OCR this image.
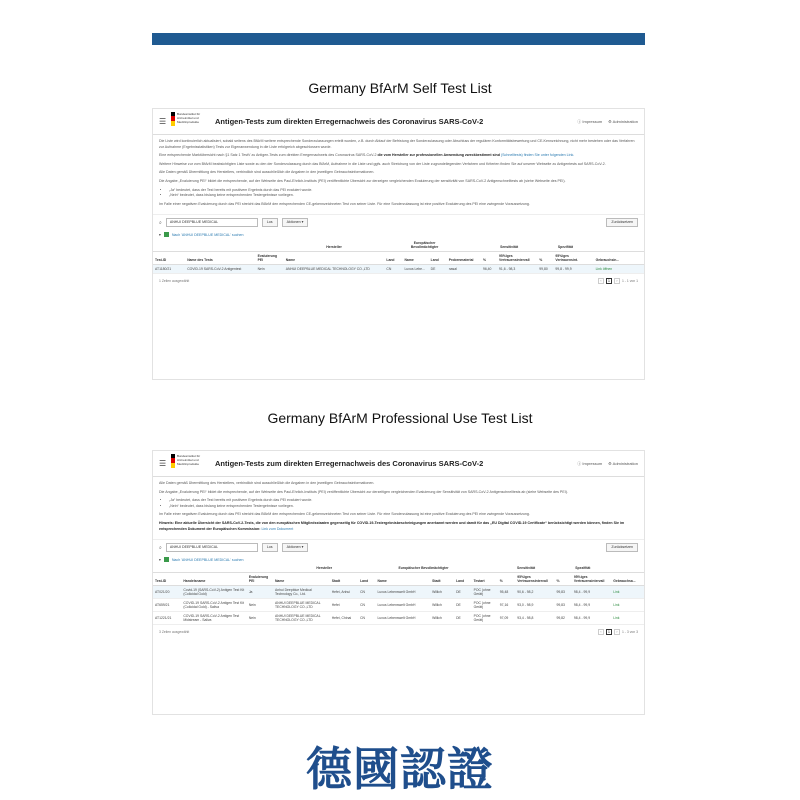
Germany BfArM Self Test List
☰
Bundesinstitut für Arzneimittel und Medizinprodukte	Antigen-Tests zum direkten Erregernachweis des Coronavirus SARS-CoV-2	ⓘ Impressum ⚙ Administration

Die Liste wird kontinuierlich aktualisiert, sobald seitens des BfArM weitere entsprechende Sonderzulassungen erteilt wurden, z.B. durch Ablauf der Befristung der Sonderzulassung oder Abschluss der regulären Konformitätsbewertung und CE-Kennzeichnung, nicht mehr bestehen oder das Verfahren zur Aufnahme (Ergebnisstatistiken) Tests zur Eigenanwendung in die Liste erfolgreich abgeschlossen wurde.

Eine entsprechende Marktübersicht nach §1 Satz 1 TestV zu Antigen-Tests zum direkten Erregernachweis des Coronavirus SARS-CoV-2 die vom Hersteller zur professionellen Anwendung zweckbestimmt sind (Schnelltests) finden Sie unter folgenden Link.

Weitere Hinweise zur vom BfArM beabsichtigten Liste sowie zu den der Sonderzulassung durch das BfArM, Aufnahme in die Liste und ggfs. auch Streichung von der Liste zugrundeliegenden Verfahren und Kriterien finden Sie auf unserer Webseite zu Antigentests auf SARS-CoV-2.

Alle Daten gemäß Übermittlung des Herstellers, verbindlich sind ausschließlich die Angaben in den jeweiligen Gebrauchsinformationen.

Die Angabe „Evaluierung PEI“ bildet die entsprechende, auf der Webseite des Paul-Ehrlich-Instituts (PEI) veröffentlichte Übersicht zur derzeigen vergleichenden Evaluierung der sensitivität von SARS-CoV-2 Antigenschnelltests ab (siehe Webseite des PEI).

• „Ja“ bedeutet, dass der Test bereits mit positivem Ergebnis durch das PEI evaluiert wurde.
• „Nein“ bedeutet, dass bislang keine entsprechenden Testergebnisse vorliegen.

Im Falle einer negativen Evaluierung durch das PEI streicht das BfArM den entsprechenden CE-gekennzeichneten Test von seiner Liste. Für eine Sonderzulassung ist eine positive Evaluierung des PEI eine zwingende Voraussetzung.

⌕	ANHUI DEEPBLUE MEDICAL	Los	Aktionen ▾	Zurücksetzen
▾	Nach 'ANHUI DEEPBLUE MEDICAL' suchen
			Hersteller		Europäischer Bevollmächtigter			Sensitivität		Spezifität		
Test-ID	Name des Tests	Evaluierung PEI	Name	Land	Name	Land	Probenmaterial	%	95%iges Vertrauensintervall	%	95%iges Vertrauensint.	Gebrauchsin...
AT1180/21	COVID-19 SARS-CoV-2 Antigentest	Nein	ANHUI DEEPBLUE MEDICAL TECHNOLOGY CO.,LTD	CN	Luxus Lebe...	DE	nasal	96,40	91,6 - 98,3	99,80	99,8 - 99,9	Link öffnen
1 Zeilen ausgewählt	‹	1	›	1 - 1 von 1
Germany BfArM Professional Use Test List
☰
Bundesinstitut für Arzneimittel und Medizinprodukte	Antigen-Tests zum direkten Erregernachweis des Coronavirus SARS-CoV-2	ⓘ Impressum ⚙ Administration

Alle Daten gemäß Übermittlung des Herstellers, verbindlich sind ausschließlich die Angaben in den jeweiligen Gebrauchsinformationen.

Die Angabe „Evaluierung PEI“ bildet die entsprechende, auf der Webseite des Paul-Ehrlich-Instituts (PEI) veröffentlichte Übersicht zur derzeitigen vergleichenden Evaluierung der Sensitivität von SARS-CoV-2 Antigenschnelltests ab (siehe Webseite des PEI).

• „Ja“ bedeutet, dass der Test bereits mit positivem Ergebnis durch das PEI evaluiert wurde.
• „Nein“ bedeutet, dass bislang keine entsprechenden Testergebnisse vorliegen.

Im Falle einer negativen Evaluierung durch das PEI streicht das BfArM den entsprechenden CE-gekennzeichneten Test von seiner Liste. Für eine Sonderzulassung ist eine positive Evaluierung des PEI eine zwingende Voraussetzung.

Hinweis: Eine aktuelle Übersicht der SARS-CoV-2-Tests, die von den europäischen Mitgliedsstaaten gegenseitig für COVID-19-Testergebnisbescheinigungen anerkannt werden und damit für das „EU Digital COVID-19 Certificate“ berücksichtigt werden können, finden Sie im entsprechenden Dokument der Europäischen Kommission: Link zum Dokument

⌕	ANHUI DEEPBLUE MEDICAL	Los	Aktionen ▾	Zurücksetzen
▾	Nach 'ANHUI DEEPBLUE MEDICAL' suchen
			Hersteller			Europäischer Bevollmächtigter				Sensitivität		Spezifität		
Test-ID	Handelsname	Evaluierung PEI	Name	Stadt	Land	Name	Stadt	Land	Testart	%	95%iges Vertrauensintervall	%	95%iges Vertrauensintervall	Gebrauchsa...
AT021/20	Covid-19 (SARS-CoV-2) Antigen Test Kit (Colloidal Gold)	Ja	Anhui Deepblue Medical Technology Co., Ltd.	Hefei, Anhui	CN	Luxus Lebenswelt GmbH	Willich	DE	POC (ohne Gerät)	95,48	90,6 - 98,2	99,83	98,4 - 99,9	Link
AT659/21	COVID-19 SARS-CoV-2 Antigen Test Kit (Colloidal Gold) - Saliva	Nein	ANHUI DEEPBLUE MEDICAL TECHNOLOGY CO.,LTD	Hefei	CN	Luxus Lebenswelt GmbH	Willich	DE	POC (ohne Gerät)	97,16	93,0 - 98,9	99,83	98,4 - 99,9	Link
AT1221/21	COVID-19 SARS-CoV-2 Antigen Test Midstream - Saliva	Nein	ANHUI DEEPBLUE MEDICAL TECHNOLOGY CO.,LTD	Hefei, Chinai	CN	Luxus Lebenswelt GmbH	Willich	DE	POC (ohne Gerät)	97,09	93,4 - 98,8	99,82	98,4 - 99,9	Link
3 Zeilen ausgewählt	‹	1	›	1 - 3 von 3
德國認證
